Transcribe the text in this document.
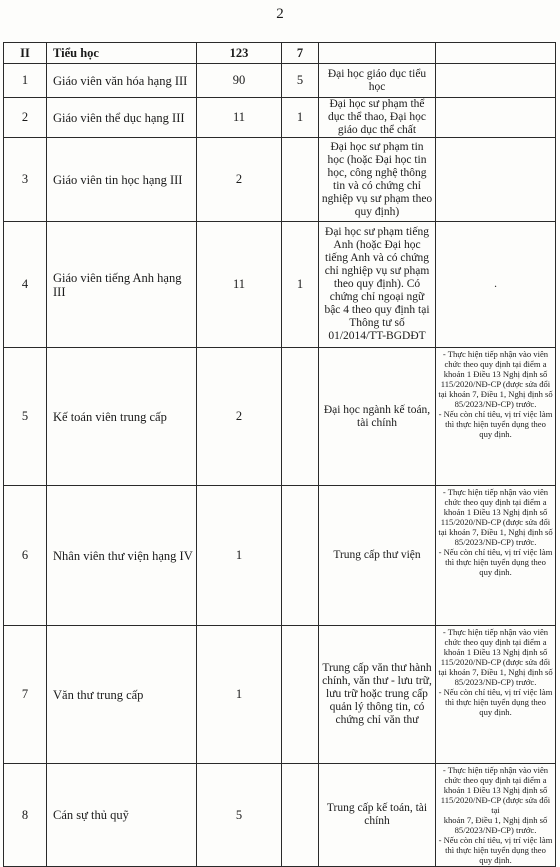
2
II	Tiểu học	123	7		
1	Giáo viên văn hóa hạng III	90	5	Đại học giáo dục tiểu học	
2	Giáo viên thể dục hạng III	11	1	Đại học sư phạm thể dục thể thao, Đại học giáo dục thể chất	
3	Giáo viên tin học hạng III	2		Đại học sư phạm tin học (hoặc Đại học tin học, công nghệ thông tin và có chứng chỉ nghiệp vụ sư phạm theo quy định)	
4	Giáo viên tiếng Anh hạng III	11	1	Đại học sư phạm tiếng Anh (hoặc Đại học tiếng Anh và có chứng chỉ nghiệp vụ sư phạm theo quy định). Có chứng chỉ ngoại ngữ bậc 4 theo quy định tại Thông tư số 01/2014/TT-BGDĐT	.
5	Kế toán viên trung cấp	2		Đại học ngành kế toán, tài chính	- Thực hiện tiếp nhận vào viên chức theo quy định tại điểm a khoản 1 Điều 13 Nghị định số 115/2020/NĐ-CP (được sửa đổi tại khoản 7, Điều 1, Nghị định số 85/2023/NĐ-CP) trước.

- Nếu còn chỉ tiêu, vị trí việc làm thì thực hiện tuyển dụng theo quy định.

6	Nhân viên thư viện hạng IV	1		Trung cấp thư viện	- Thực hiện tiếp nhận vào viên chức theo quy định tại điểm a khoản 1 Điều 13 Nghị định số 115/2020/NĐ-CP (được sửa đổi tại khoản 7, Điều 1, Nghị định số 85/2023/NĐ-CP) trước.

- Nếu còn chỉ tiêu, vị trí việc làm thì thực hiện tuyển dụng theo quy định.

7	Văn thư trung cấp	1		Trung cấp văn thư hành chính, văn thư - lưu trữ, lưu trữ hoặc trung cấp quản lý thông tin, có chứng chỉ văn thư	- Thực hiện tiếp nhận vào viên chức theo quy định tại điểm a khoản 1 Điều 13 Nghị định số 115/2020/NĐ-CP (được sửa đổi tại khoản 7, Điều 1, Nghị định số 85/2023/NĐ-CP) trước.

- Nếu còn chỉ tiêu, vị trí việc làm thì thực hiện tuyển dụng theo quy định.

8	Cán sự thủ quỹ	5		Trung cấp kế toán, tài chính	- Thực hiện tiếp nhận vào viên chức theo quy định tại điểm a khoản 1 Điều 13 Nghị định số 115/2020/NĐ-CP (được sửa đổi tại

khoản 7, Điều 1, Nghị định số 85/2023/NĐ-CP) trước.

- Nếu còn chỉ tiêu, vị trí việc làm thì thực hiện tuyển dụng theo quy định.
